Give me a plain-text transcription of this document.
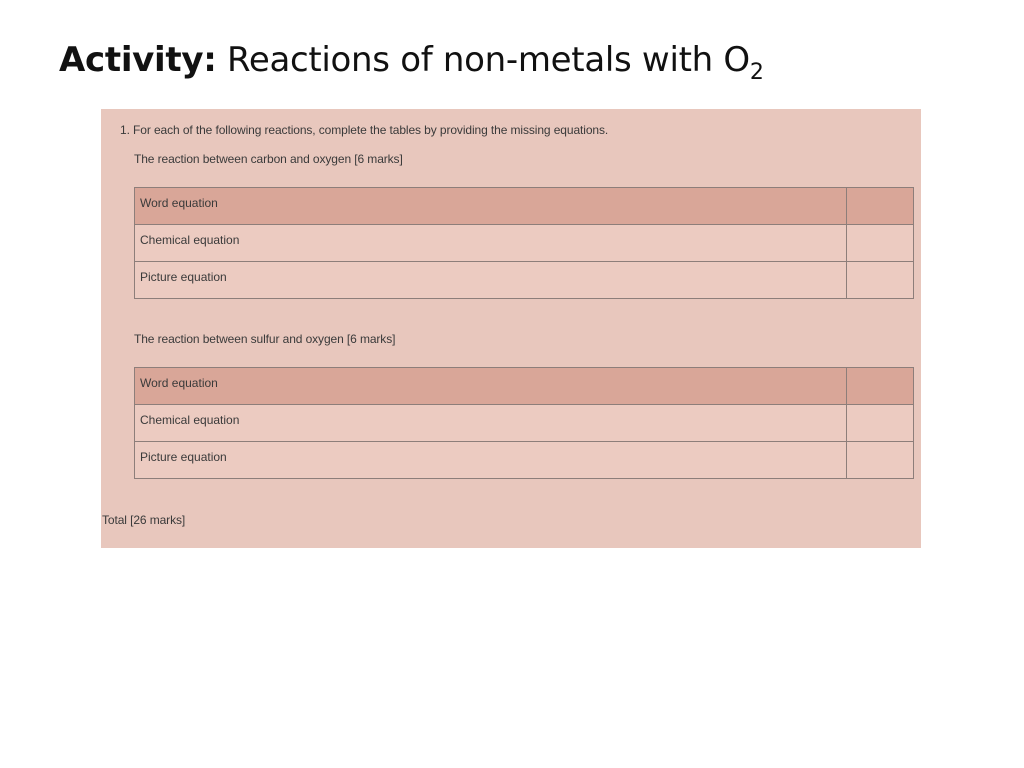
Activity: Reactions of non-metals with $O_2$
1. For each of the following reactions, complete the tables by providing the missing equations.
The reaction between carbon and oxygen [6 marks]
Word equation	
Chemical equation	
Picture equation	
The reaction between sulfur and oxygen [6 marks]
Word equation	
Chemical equation	
Picture equation	
Total [26 marks]
